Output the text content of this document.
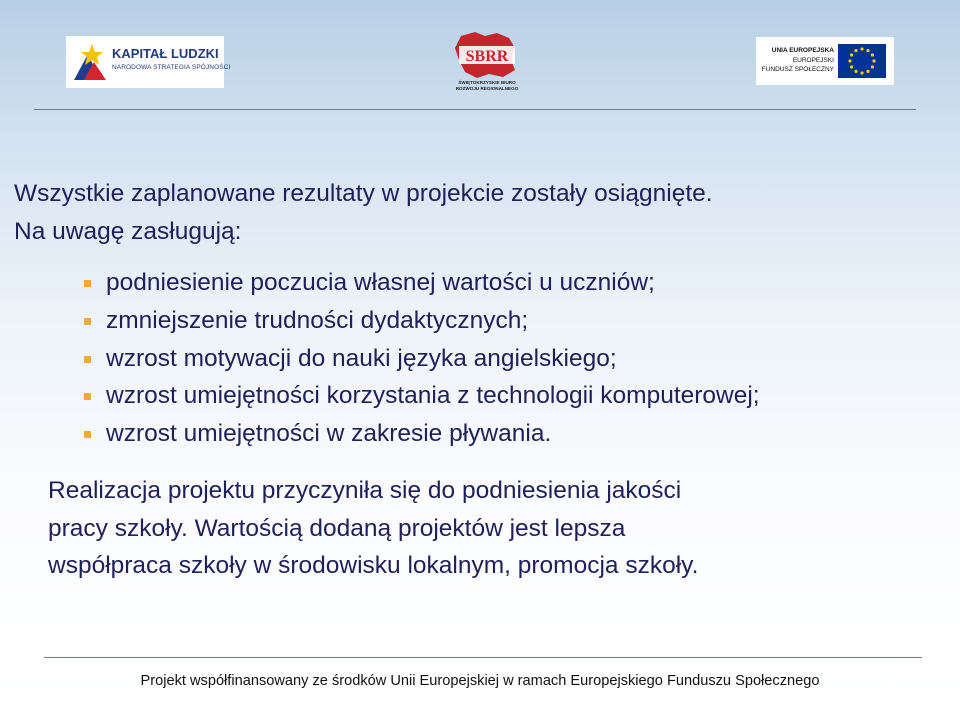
KAPITAŁ LUDZKI
NARODOWA STRATEGIA SPÓJNOŚCI
SBRR
ŚWIĘTOKRZYSKIE BIURO
ROZWOJU REGIONALNEGO
UNIA EUROPEJSKA
EUROPEJSKI
FUNDUSZ SPOŁECZNY
Wszystkie zaplanowane rezultaty w projekcie zostały osiągnięte.
Na uwagę zasługują:
podniesienie poczucia własnej wartości u uczniów;
zmniejszenie trudności dydaktycznych;
wzrost motywacji do nauki języka angielskiego;
wzrost umiejętności korzystania z technologii komputerowej;
wzrost umiejętności w zakresie pływania.
Realizacja projektu przyczyniła się do podniesienia jakości
pracy szkoły. Wartością dodaną projektów jest lepsza
współpraca szkoły w środowisku lokalnym, promocja szkoły.
Projekt współfinansowany ze środków Unii Europejskiej w ramach Europejskiego Funduszu Społecznego
